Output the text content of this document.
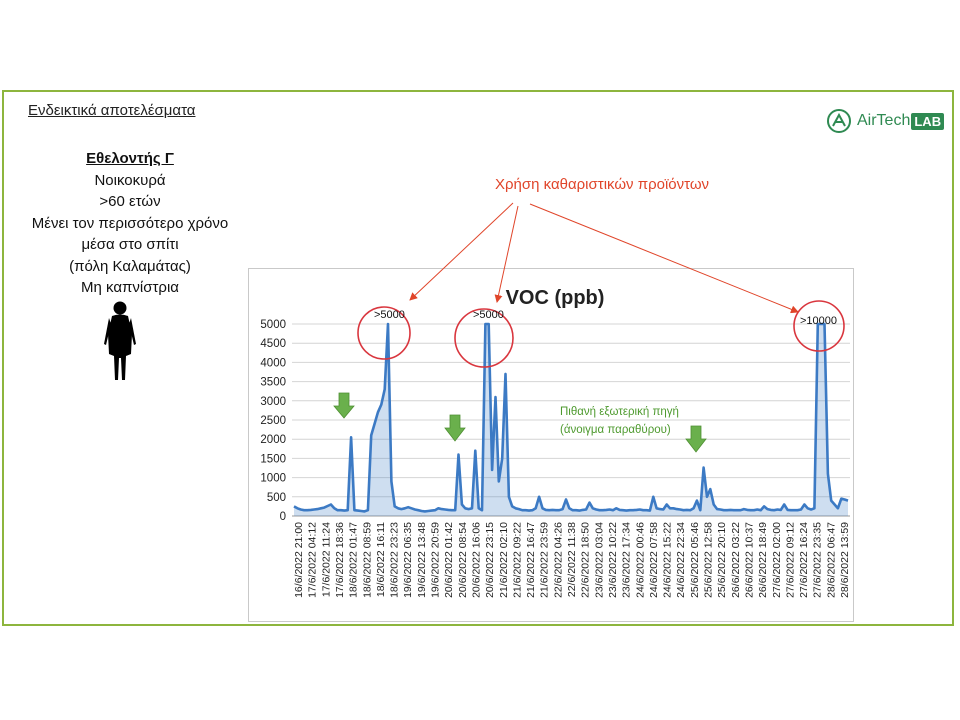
Ενδεικτικά αποτελέσματα
Εθελοντής Γ
Νοικοκυρά
>60 ετών
Μένει τον περισσότερο χρόνο
μέσα στο σπίτι
(πόλη Καλαμάτας)
Μη καπνίστρια
AirTech LAB
Χρήση καθαριστικών προϊόντων
0
500
1000
1500
2000
2500
3000
3500
4000
4500
5000
16/6/2022 21:00 17/6/2022 04:12 17/6/2022 11:24 17/6/2022 18:36 18/6/2022 01:47 18/6/2022 08:59 18/6/2022 16:11 18/6/2022 23:23 19/6/2022 06:35 19/6/2022 13:48 19/6/2022 20:59 20/6/2022 01:42 20/6/2022 08:54 20/6/2022 16:06 20/6/2022 23:15 21/6/2022 02:10 21/6/2022 09:22 21/6/2022 16:47 21/6/2022 23:59 22/6/2022 04:26 22/6/2022 11:38 22/6/2022 18:50 23/6/2022 03:04 23/6/2022 10:22 23/6/2022 17:34 24/6/2022 00:46 24/6/2022 07:58 24/6/2022 15:22 24/6/2022 22:34 25/6/2022 05:46 25/6/2022 12:58 25/6/2022 20:10 26/6/2022 03:22 26/6/2022 10:37 26/6/2022 18:49 27/6/2022 02:00 27/6/2022 09:12 27/6/2022 16:24 27/6/2022 23:35 28/6/2022 06:47 28/6/2022 13:59
VOC (ppb)
>5000	>5000	>10000
Πιθανή εξωτερική πηγή
(άνοιγμα παραθύρου)
